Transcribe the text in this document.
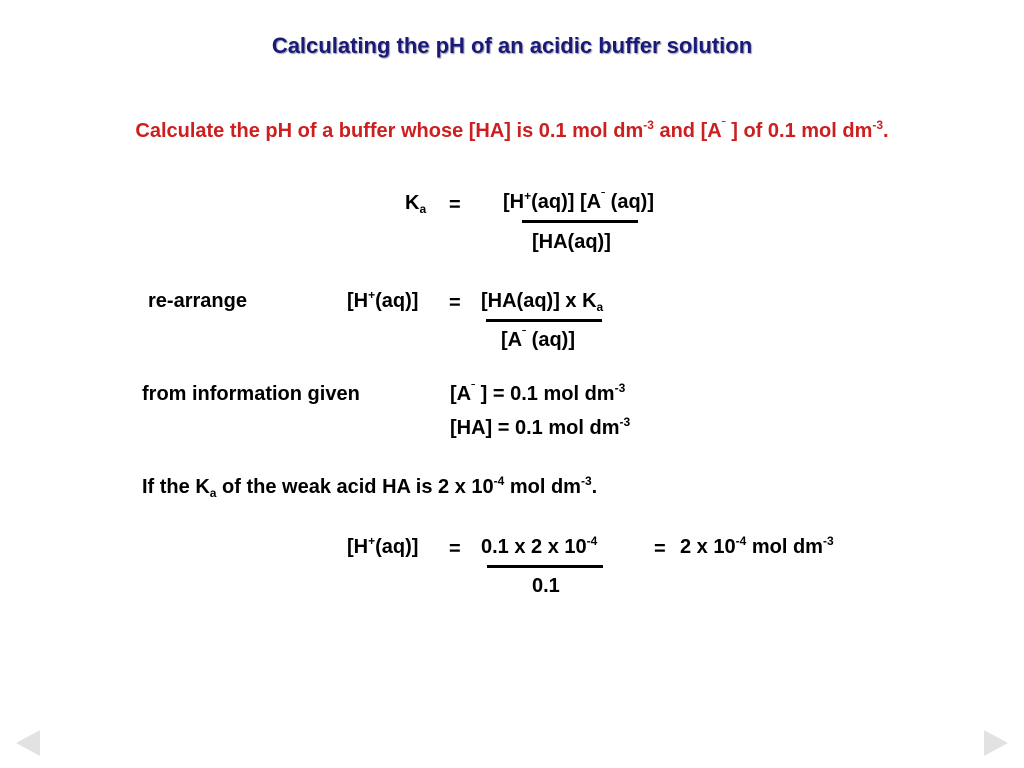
Calculating the pH of an acidic buffer solution
Calculate the pH of a buffer whose [HA] is 0.1 mol $dm^{-3}$ and [$A^ˉ$ ] of 0.1 mol $dm^{-3}$.
$K_a = [H^+(aq)]$ [$A^ˉ$ (aq)]
[HA(aq)]
re-arrange	[H+(aq)] = [HA(aq)] x $K_a$
[$A^ˉ$ (aq)]
from information given	[$A^ˉ$ ] = 0.1 mol $dm^{-3}$
[HA] = 0.1 mol $dm^{-3}$
If the $K_a$ of the weak acid HA is 2 x $10^{-4}$ mol $dm^{-3}$.
[H+(aq)] = 0.1 x 2 x $10^{-4}$	= 2 x $10^{-4}$ mol $dm^{-3}$
0.1
